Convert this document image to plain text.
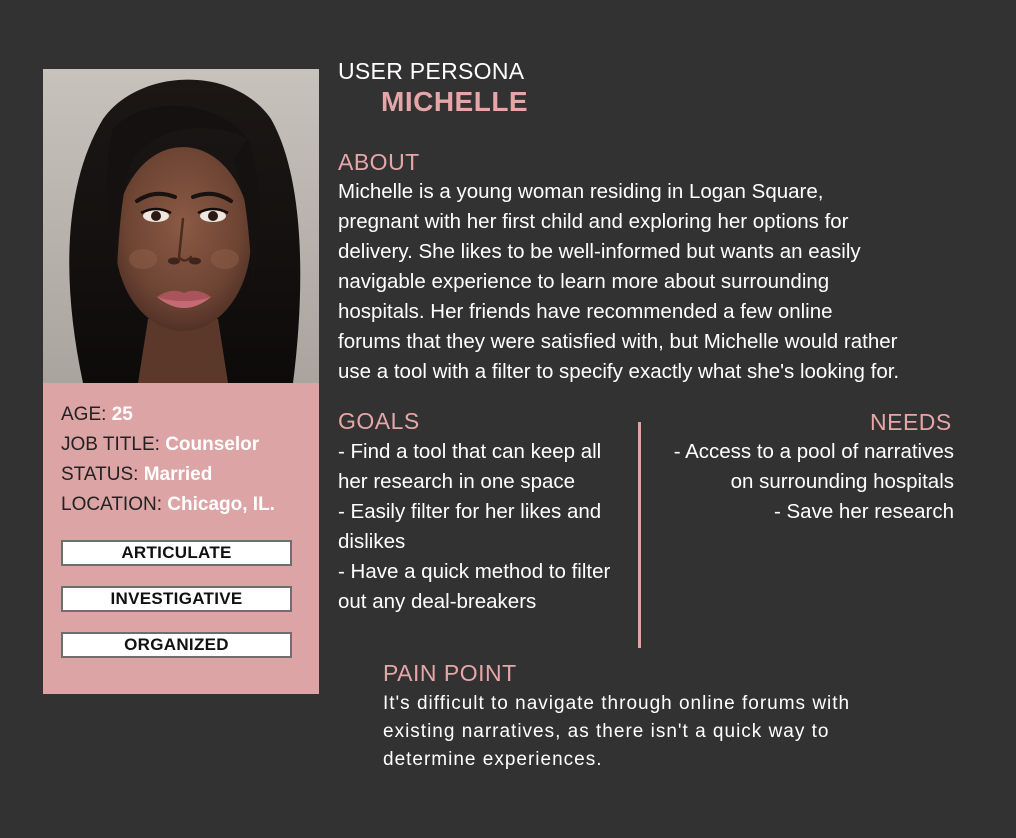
AGE: 25
JOB TITLE: Counselor
STATUS: Married
LOCATION: Chicago, IL.
ARTICULATE
INVESTIGATIVE
ORGANIZED
USER PERSONA
MICHELLE
ABOUT
Michelle is a young woman residing in Logan Square,
pregnant with her first child and exploring her options for
delivery. She likes to be well-informed but wants an easily
navigable experience to learn more about surrounding
hospitals. Her friends have recommended a few online
forums that they were satisfied with, but Michelle would rather
use a tool with a filter to specify exactly what she's looking for.
GOALS
- Find a tool that can keep all
her research in one space
- Easily filter for her likes and
dislikes
- Have a quick method to filter
out any deal-breakers
NEEDS
- Access to a pool of narratives
on surrounding hospitals
- Save her research
PAIN POINT
It's difficult to navigate through online forums with
existing narratives, as there isn't a quick way to
determine experiences.
